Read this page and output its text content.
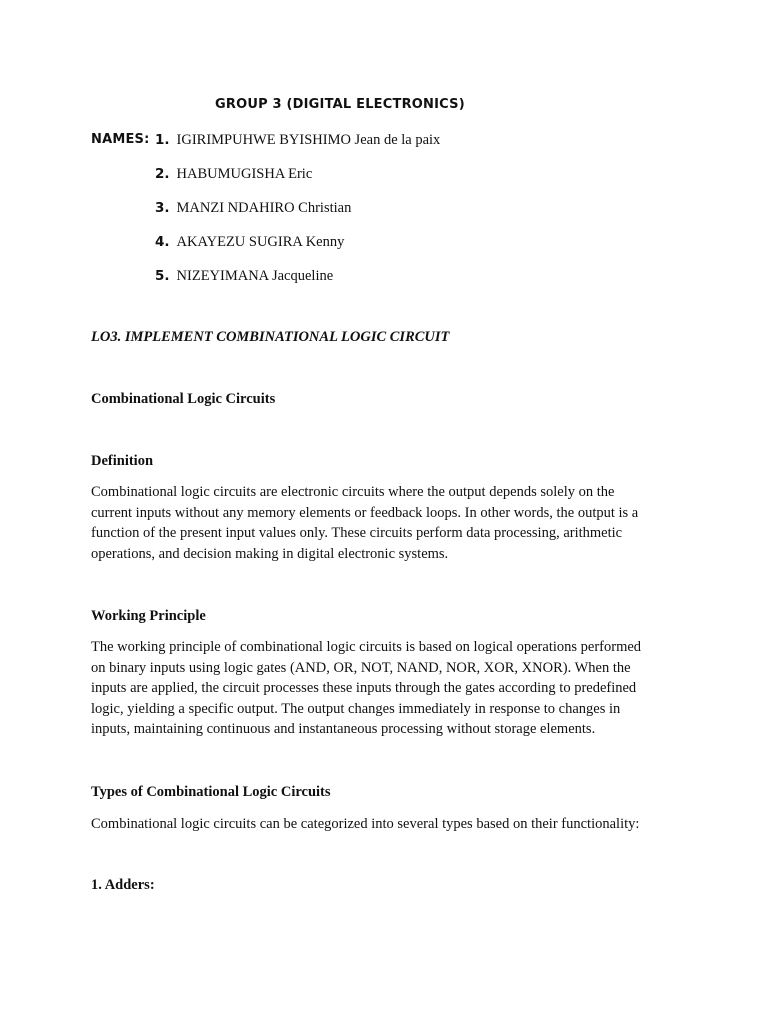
GROUP 3 (DIGITAL ELECTRONICS)
NAMES: 1. IGIRIMPUHWE BYISHIMO Jean de la paix
2. HABUMUGISHA Eric
3. MANZI NDAHIRO Christian
4. AKAYEZU SUGIRA Kenny
5. NIZEYIMANA Jacqueline
LO3. IMPLEMENT COMBINATIONAL LOGIC CIRCUIT
Combinational Logic Circuits
Definition
Combinational logic circuits are electronic circuits where the output depends solely on the
current inputs without any memory elements or feedback loops. In other words, the output is a
function of the present input values only. These circuits perform data processing, arithmetic
operations, and decision making in digital electronic systems.
Working Principle
The working principle of combinational logic circuits is based on logical operations performed
on binary inputs using logic gates (AND, OR, NOT, NAND, NOR, XOR, XNOR). When the
inputs are applied, the circuit processes these inputs through the gates according to predefined
logic, yielding a specific output. The output changes immediately in response to changes in
inputs, maintaining continuous and instantaneous processing without storage elements.
Types of Combinational Logic Circuits
Combinational logic circuits can be categorized into several types based on their functionality:
1. Adders:
